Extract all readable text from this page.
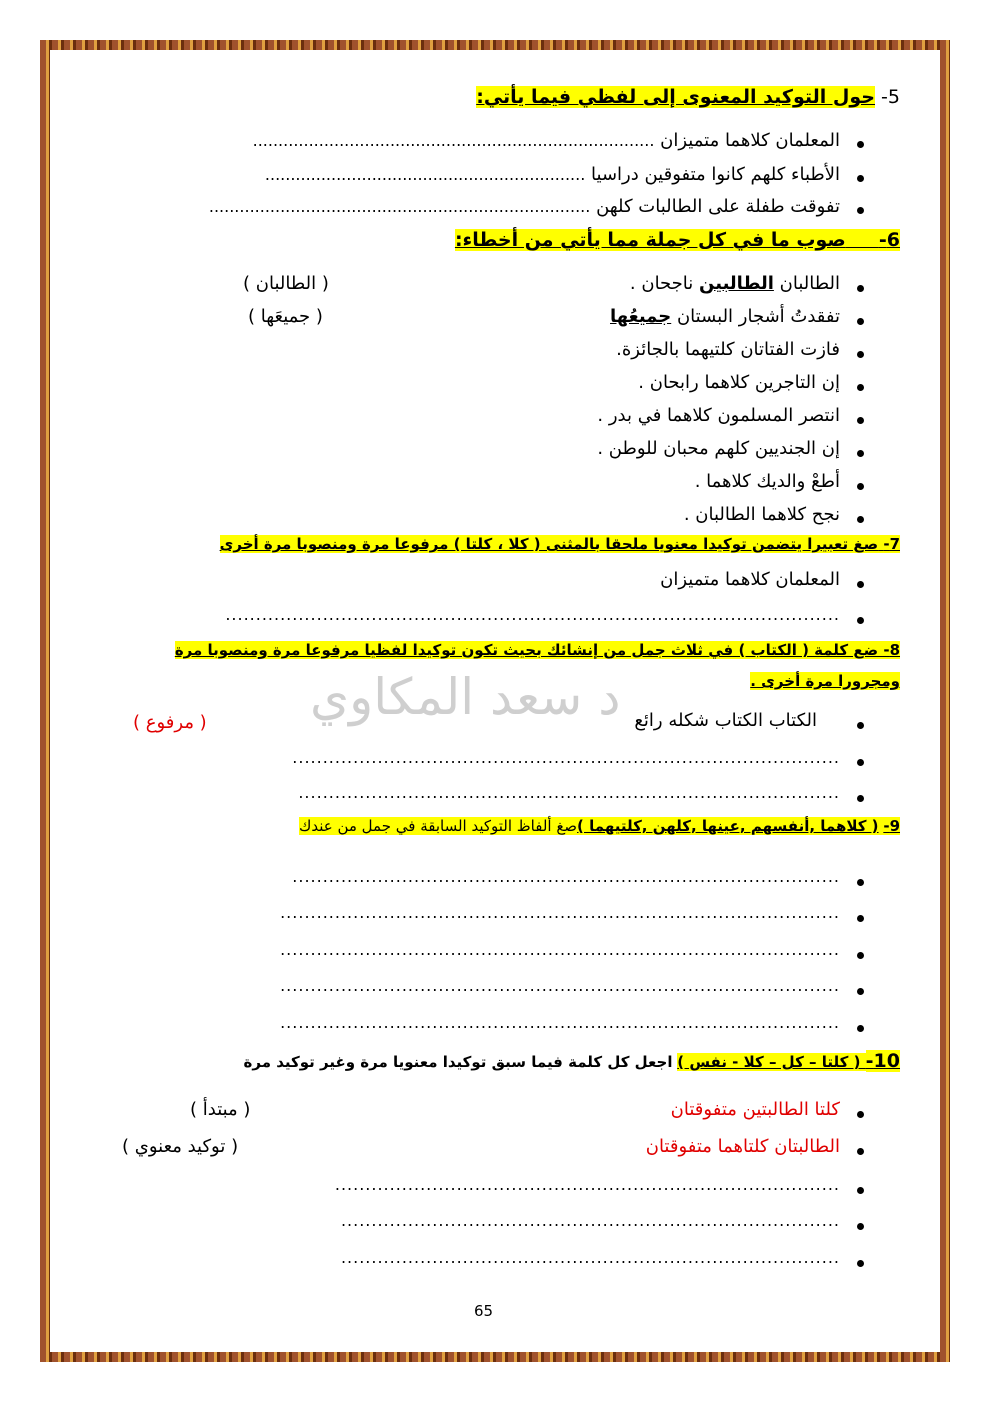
5- حول التوكيد المعنوى إلى لفظي فيما يأتي:
المعلمان كلاهما متميزان ...............................................................................
الأطباء كلهم كانوا متفوقين دراسيا ...............................................................
تفوقت طفلة على الطالبات كلهن ...........................................................................
6-     صوب ما في كل جملة مما يأتي من أخطاء:
الطالبان الطالبين ناجحان .
( الطالبان )
تفقدتُ أشجار البستان جميعُها
( جميعَها )
فازت الفتاتان كلتيهما بالجائزة.
إن التاجرين كلاهما رابحان .
انتصر المسلمون كلاهما في بدر .
إن الجنديين كلهم محبان للوطن .
أطعْ والديك كلاهما .
نجح كلاهما الطالبان .
7- صغ تعبيرا يتضمن توكيدا معنويا ملحقا بالمثنى ( كلا ، كلتا ) مرفوعا مرة ومنصوبا مرة أخرى
المعلمان كلاهما متميزان
.....................................................................................................
8- ضع كلمة ( الكتاب ) في ثلاث جمل من إنشائك بحيث تكون توكيدا لفظيا مرفوعا مرة ومنصوبا مرة
ومجرورا مرة أخرى .
د سعد المكاوي الكتاب الكتاب شكله رائع
( مرفوع )
..........................................................................................
.........................................................................................
9- ( كلاهما ,أنفسهم ,عينها ,كلهن ,كلتيهما )صغ ألفاظ التوكيد السابقة في جمل من عندك
..........................................................................................
............................................................................................
............................................................................................
............................................................................................
............................................................................................
10- ( كلتا – كل – كلا - نفس ) اجعل كل كلمة فيما سبق توكيدا معنويا مرة وغير توكيد مرة
كلتا الطالبتين متفوقتان
( مبتدأ )
الطالبتان كلتاهما متفوقتان
( توكيد معنوي )
...................................................................................
..................................................................................
..................................................................................
65
